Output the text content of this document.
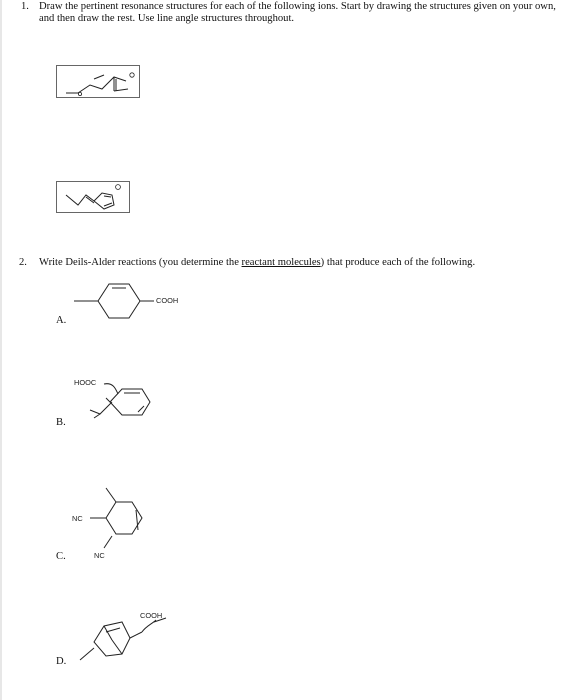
1. Draw the pertinent resonance structures for each of the following ions. Start by drawing the structures given on your own, and then draw the rest. Use line angle structures throughout.
2. Write Deils-Alder reactions (you determine the reactant molecules) that produce each of the following.
COOH
A.
HOOC
B.
NC
NC
C.
COOH
D.
